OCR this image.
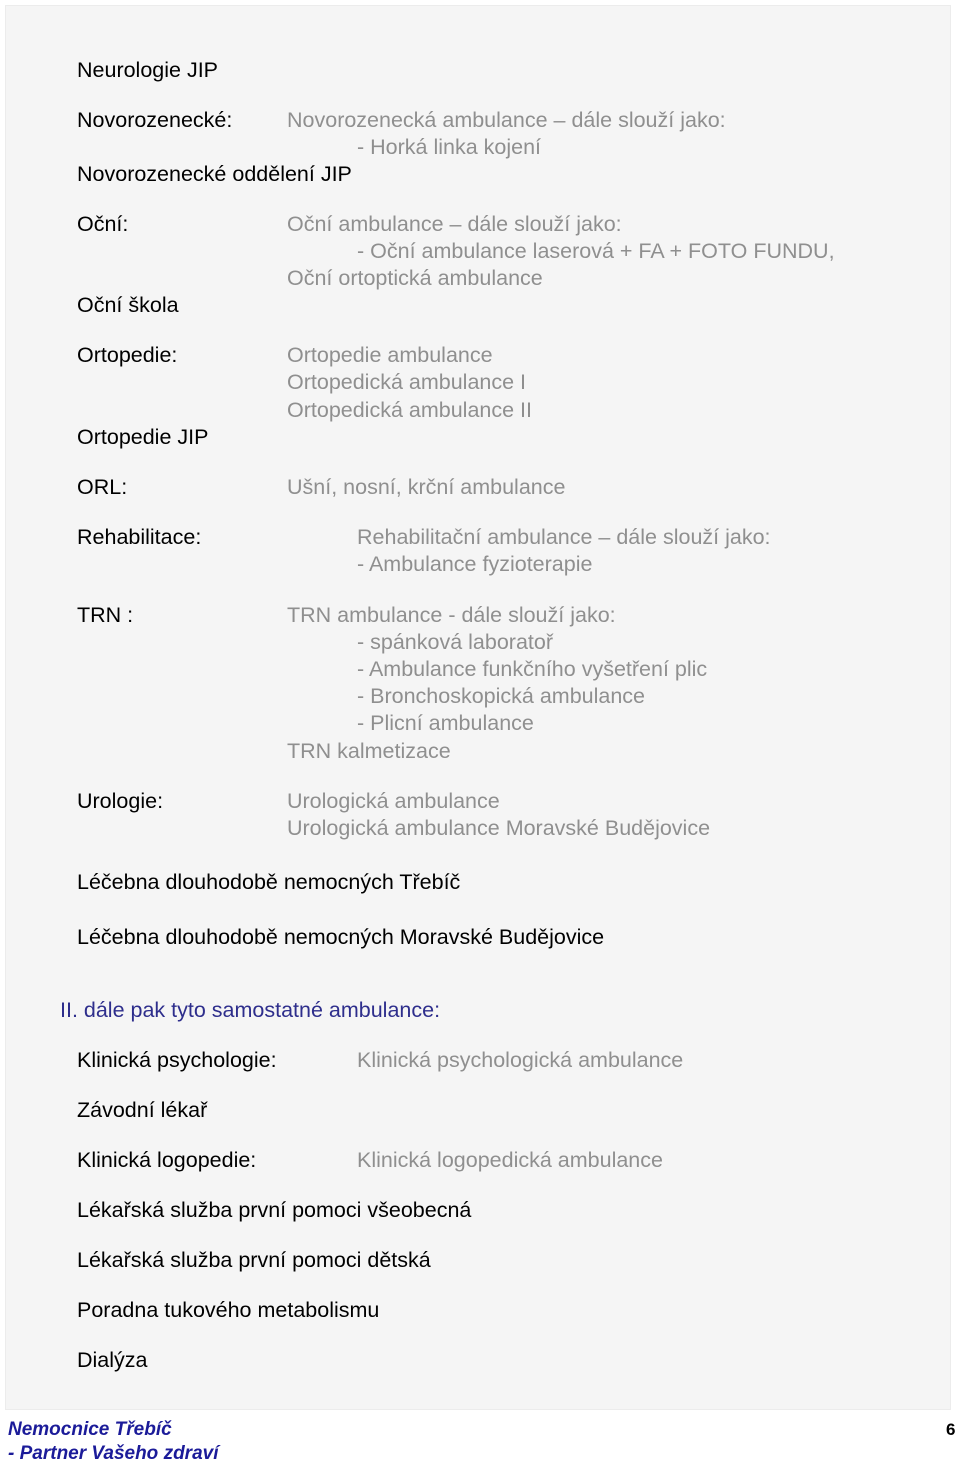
Neurologie JIP
Novorozenecké:	Novorozenecká ambulance – dále slouží jako:
- Horká linka kojení
Novorozenecké oddělení JIP
Oční:	Oční ambulance – dále slouží jako:
- Oční ambulance laserová + FA + FOTO FUNDU,
Oční ortoptická ambulance
Oční škola
Ortopedie:	Ortopedie ambulance
Ortopedická ambulance I
Ortopedická ambulance II
Ortopedie JIP
ORL:	Ušní, nosní, krční ambulance
Rehabilitace:	Rehabilitační ambulance – dále slouží jako:
- Ambulance fyzioterapie
TRN :	TRN ambulance - dále slouží jako:
- spánková laboratoř
- Ambulance funkčního vyšetření plic
- Bronchoskopická ambulance
- Plicní ambulance
TRN kalmetizace
Urologie:	Urologická ambulance
Urologická ambulance Moravské Budějovice
Léčebna dlouhodobě nemocných Třebíč
Léčebna dlouhodobě nemocných Moravské Budějovice
II. dále pak tyto samostatné ambulance:
Klinická psychologie:	Klinická psychologická ambulance
Závodní lékař
Klinická logopedie:	Klinická logopedická ambulance
Lékařská služba první pomoci všeobecná
Lékařská služba první pomoci dětská
Poradna tukového metabolismu
Dialýza
Nemocnice Třebíč
- Partner Vašeho zdraví
6
